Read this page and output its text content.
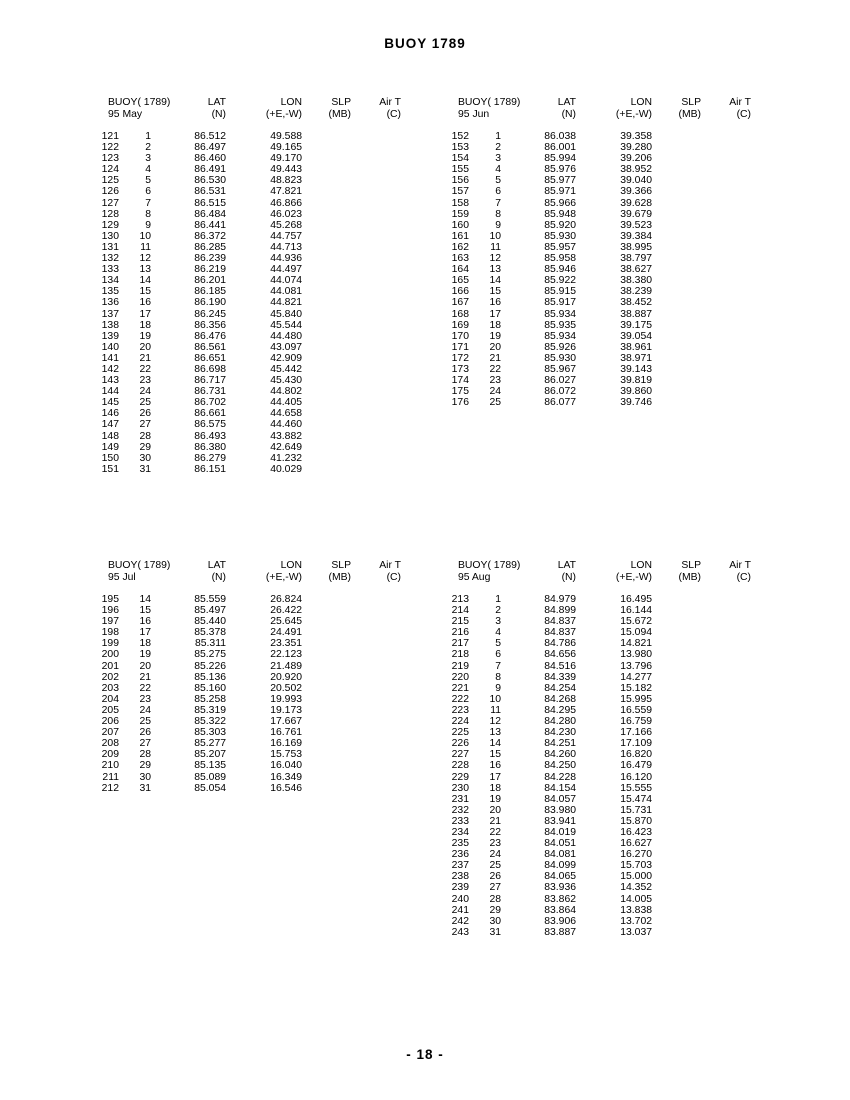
BUOY 1789
BUOY( 1789)	LAT	LON	SLP	Air T
95 May	(N)	(+E,-W)	(MB)	(C)
121	1	86.512	49.588
122	2	86.497	49.165
123	3	86.460	49.170
124	4	86.491	49.443
125	5	86.530	48.823
126	6	86.531	47.821
127	7	86.515	46.866
128	8	86.484	46.023
129	9	86.441	45.268
130 10	86.372	44.757
131 11	86.285	44.713
132 12	86.239	44.936
133 13	86.219	44.497
134 14	86.201	44.074
135 15	86.185	44.081
136 16	86.190	44.821
137 17	86.245	45.840
138 18	86.356	45.544
139 19	86.476	44.480
140 20	86.561	43.097
141 21	86.651	42.909
142 22	86.698	45.442
143 23	86.717	45.430
144 24	86.731	44.802
145 25	86.702	44.405
146 26	86.661	44.658
147 27	86.575	44.460
148 28	86.493	43.882
149 29	86.380	42.649
150 30	86.279	41.232
151 31	86.151	40.029
BUOY( 1789)	LAT	LON	SLP	Air T
95 Jun	(N)	(+E,-W)	(MB)	(C)
152	1	86.038	39.358
153	2	86.001	39.280
154	3	85.994	39.206
155	4	85.976	38.952
156	5	85.977	39.040
157	6	85.971	39.366
158	7	85.966	39.628
159	8	85.948	39.679
160	9	85.920	39.523
161 10	85.930	39.384
162 11	85.957	38.995
163 12	85.958	38.797
164 13	85.946	38.627
165 14	85.922	38.380
166 15	85.915	38.239
167 16	85.917	38.452
168 17	85.934	38.887
169 18	85.935	39.175
170 19	85.934	39.054
171 20	85.926	38.961
172 21	85.930	38.971
173 22	85.967	39.143
174 23	86.027	39.819
175 24	86.072	39.860
176 25	86.077	39.746
BUOY( 1789)	LAT	LON	SLP	Air T
95 Jul	(N)	(+E,-W)	(MB)	(C)
195 14	85.559	26.824
196 15	85.497	26.422
197 16	85.440	25.645
198 17	85.378	24.491
199 18	85.311	23.351
200 19	85.275	22.123
201 20	85.226	21.489
202 21	85.136	20.920
203 22	85.160	20.502
204 23	85.258	19.993
205 24	85.319	19.173
206 25	85.322	17.667
207 26	85.303	16.761
208 27	85.277	16.169
209 28	85.207	15.753
210 29	85.135	16.040
211 30	85.089	16.349
212 31	85.054	16.546
BUOY( 1789)	LAT	LON	SLP	Air T
95 Aug	(N)	(+E,-W)	(MB)	(C)
213	1	84.979	16.495
214	2	84.899	16.144
215	3	84.837	15.672
216	4	84.837	15.094
217	5	84.786	14.821
218	6	84.656	13.980
219	7	84.516	13.796
220	8	84.339	14.277
221	9	84.254	15.182
222 10	84.268	15.995
223 11	84.295	16.559
224 12	84.280	16.759
225 13	84.230	17.166
226 14	84.251	17.109
227 15	84.260	16.820
228 16	84.250	16.479
229 17	84.228	16.120
230 18	84.154	15.555
231 19	84.057	15.474
232 20	83.980	15.731
233 21	83.941	15.870
234 22	84.019	16.423
235 23	84.051	16.627
236 24	84.081	16.270
237 25	84.099	15.703
238 26	84.065	15.000
239 27	83.936	14.352
240 28	83.862	14.005
241 29	83.864	13.838
242 30	83.906	13.702
243 31	83.887	13.037
- 18 -
